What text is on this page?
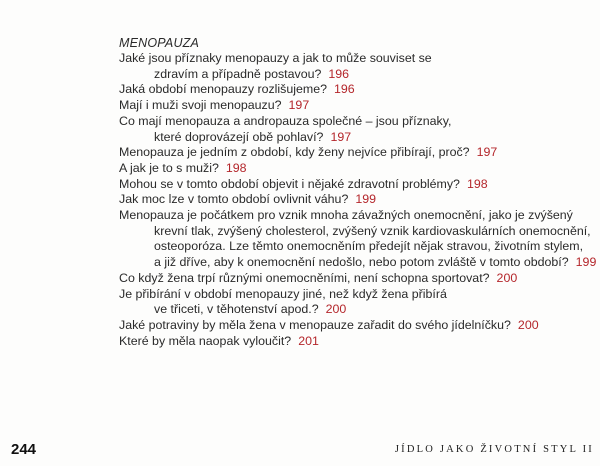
MENOPAUZA
Jaké jsou příznaky menopauzy a jak to může souviset se
zdravím a případně postavou? 196
Jaká období menopauzy rozlišujeme? 196
Mají i muži svoji menopauzu? 197
Co mají menopauza a andropauza společné – jsou příznaky,
které doprovázejí obě pohlaví? 197
Menopauza je jedním z období, kdy ženy nejvíce přibírají, proč? 197
A jak je to s muži? 198
Mohou se v tomto období objevit i nějaké zdravotní problémy? 198
Jak moc lze v tomto období ovlivnit váhu? 199
Menopauza je počátkem pro vznik mnoha závažných onemocnění, jako je zvýšený
krevní tlak, zvýšený cholesterol, zvýšený vznik kardiovaskulárních onemocnění,
osteoporóza. Lze těmto onemocněním předejít nějak stravou, životním stylem,
a již dříve, aby k onemocnění nedošlo, nebo potom zvláště v tomto období? 199
Co když žena trpí různými onemocněními, není schopna sportovat? 200
Je přibírání v období menopauzy jiné, než když žena přibírá
ve třiceti, v těhotenství apod.? 200
Jaké potraviny by měla žena v menopauze zařadit do svého jídelníčku? 200
Které by měla naopak vyloučit? 201
244	JÍDLO JAKO ŽIVOTNÍ STYL II
